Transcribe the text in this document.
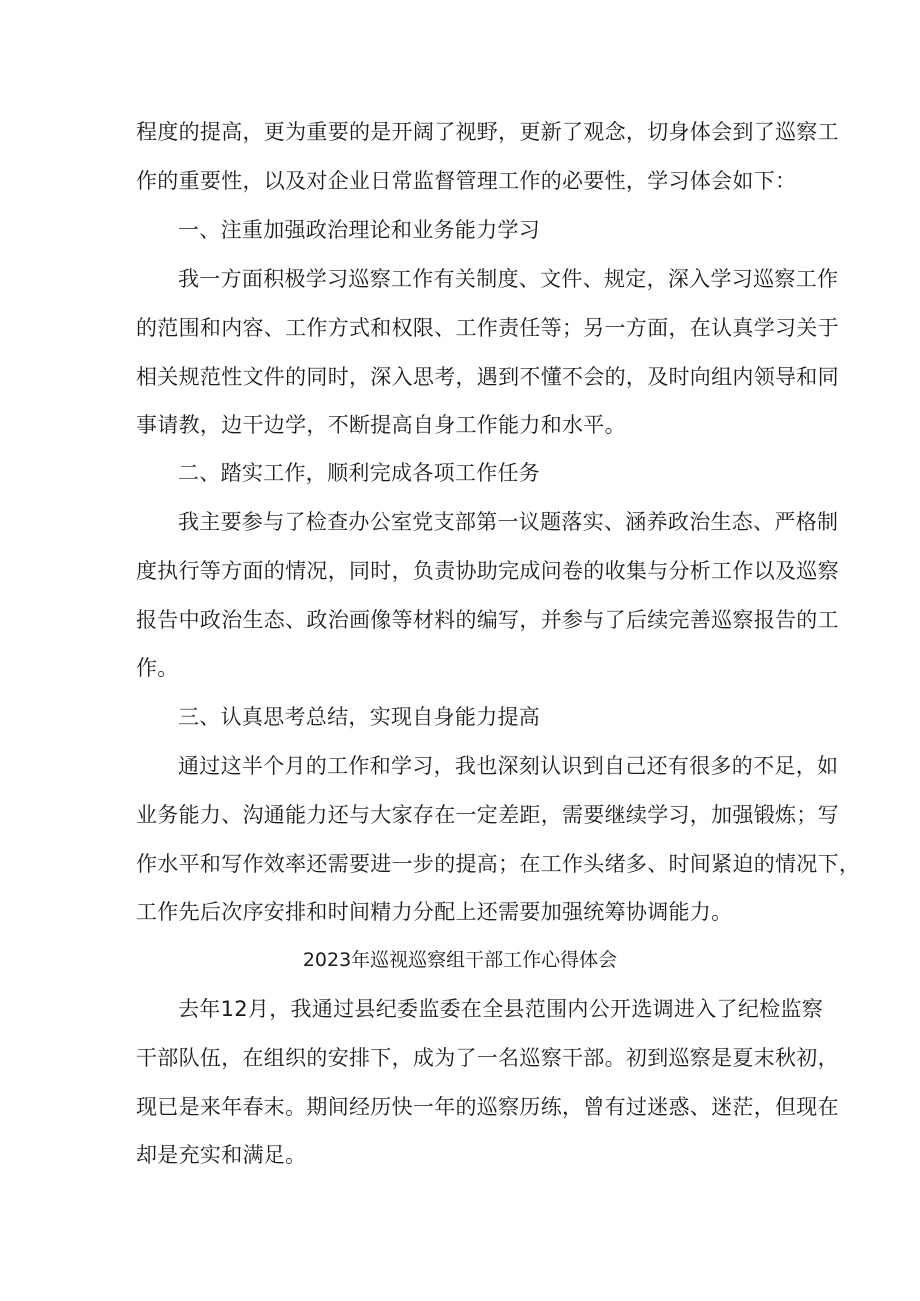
程度的提高，更为重要的是开阔了视野，更新了观念，切身体会到了巡察工
作的重要性，以及对企业日常监督管理工作的必要性，学习体会如下：
一、注重加强政治理论和业务能力学习
我一方面积极学习巡察工作有关制度、文件、规定，深入学习巡察工作
的范围和内容、工作方式和权限、工作责任等；另一方面，在认真学习关于
相关规范性文件的同时，深入思考，遇到不懂不会的，及时向组内领导和同
事请教，边干边学，不断提高自身工作能力和水平。
二、踏实工作，顺利完成各项工作任务
我主要参与了检查办公室党支部第一议题落实、涵养政治生态、严格制
度执行等方面的情况，同时，负责协助完成问卷的收集与分析工作以及巡察
报告中政治生态、政治画像等材料的编写，并参与了后续完善巡察报告的工
作。
三、认真思考总结，实现自身能力提高
通过这半个月的工作和学习，我也深刻认识到自己还有很多的不足，如
业务能力、沟通能力还与大家存在一定差距，需要继续学习，加强锻炼；写
作水平和写作效率还需要进一步的提高；在工作头绪多、时间紧迫的情况下，
工作先后次序安排和时间精力分配上还需要加强统筹协调能力。
2023年巡视巡察组干部工作心得体会
去年12月，我通过县纪委监委在全县范围内公开选调进入了纪检监察
干部队伍，在组织的安排下，成为了一名巡察干部。初到巡察是夏末秋初，
现已是来年春末。期间经历快一年的巡察历练，曾有过迷惑、迷茫，但现在
却是充实和满足。
